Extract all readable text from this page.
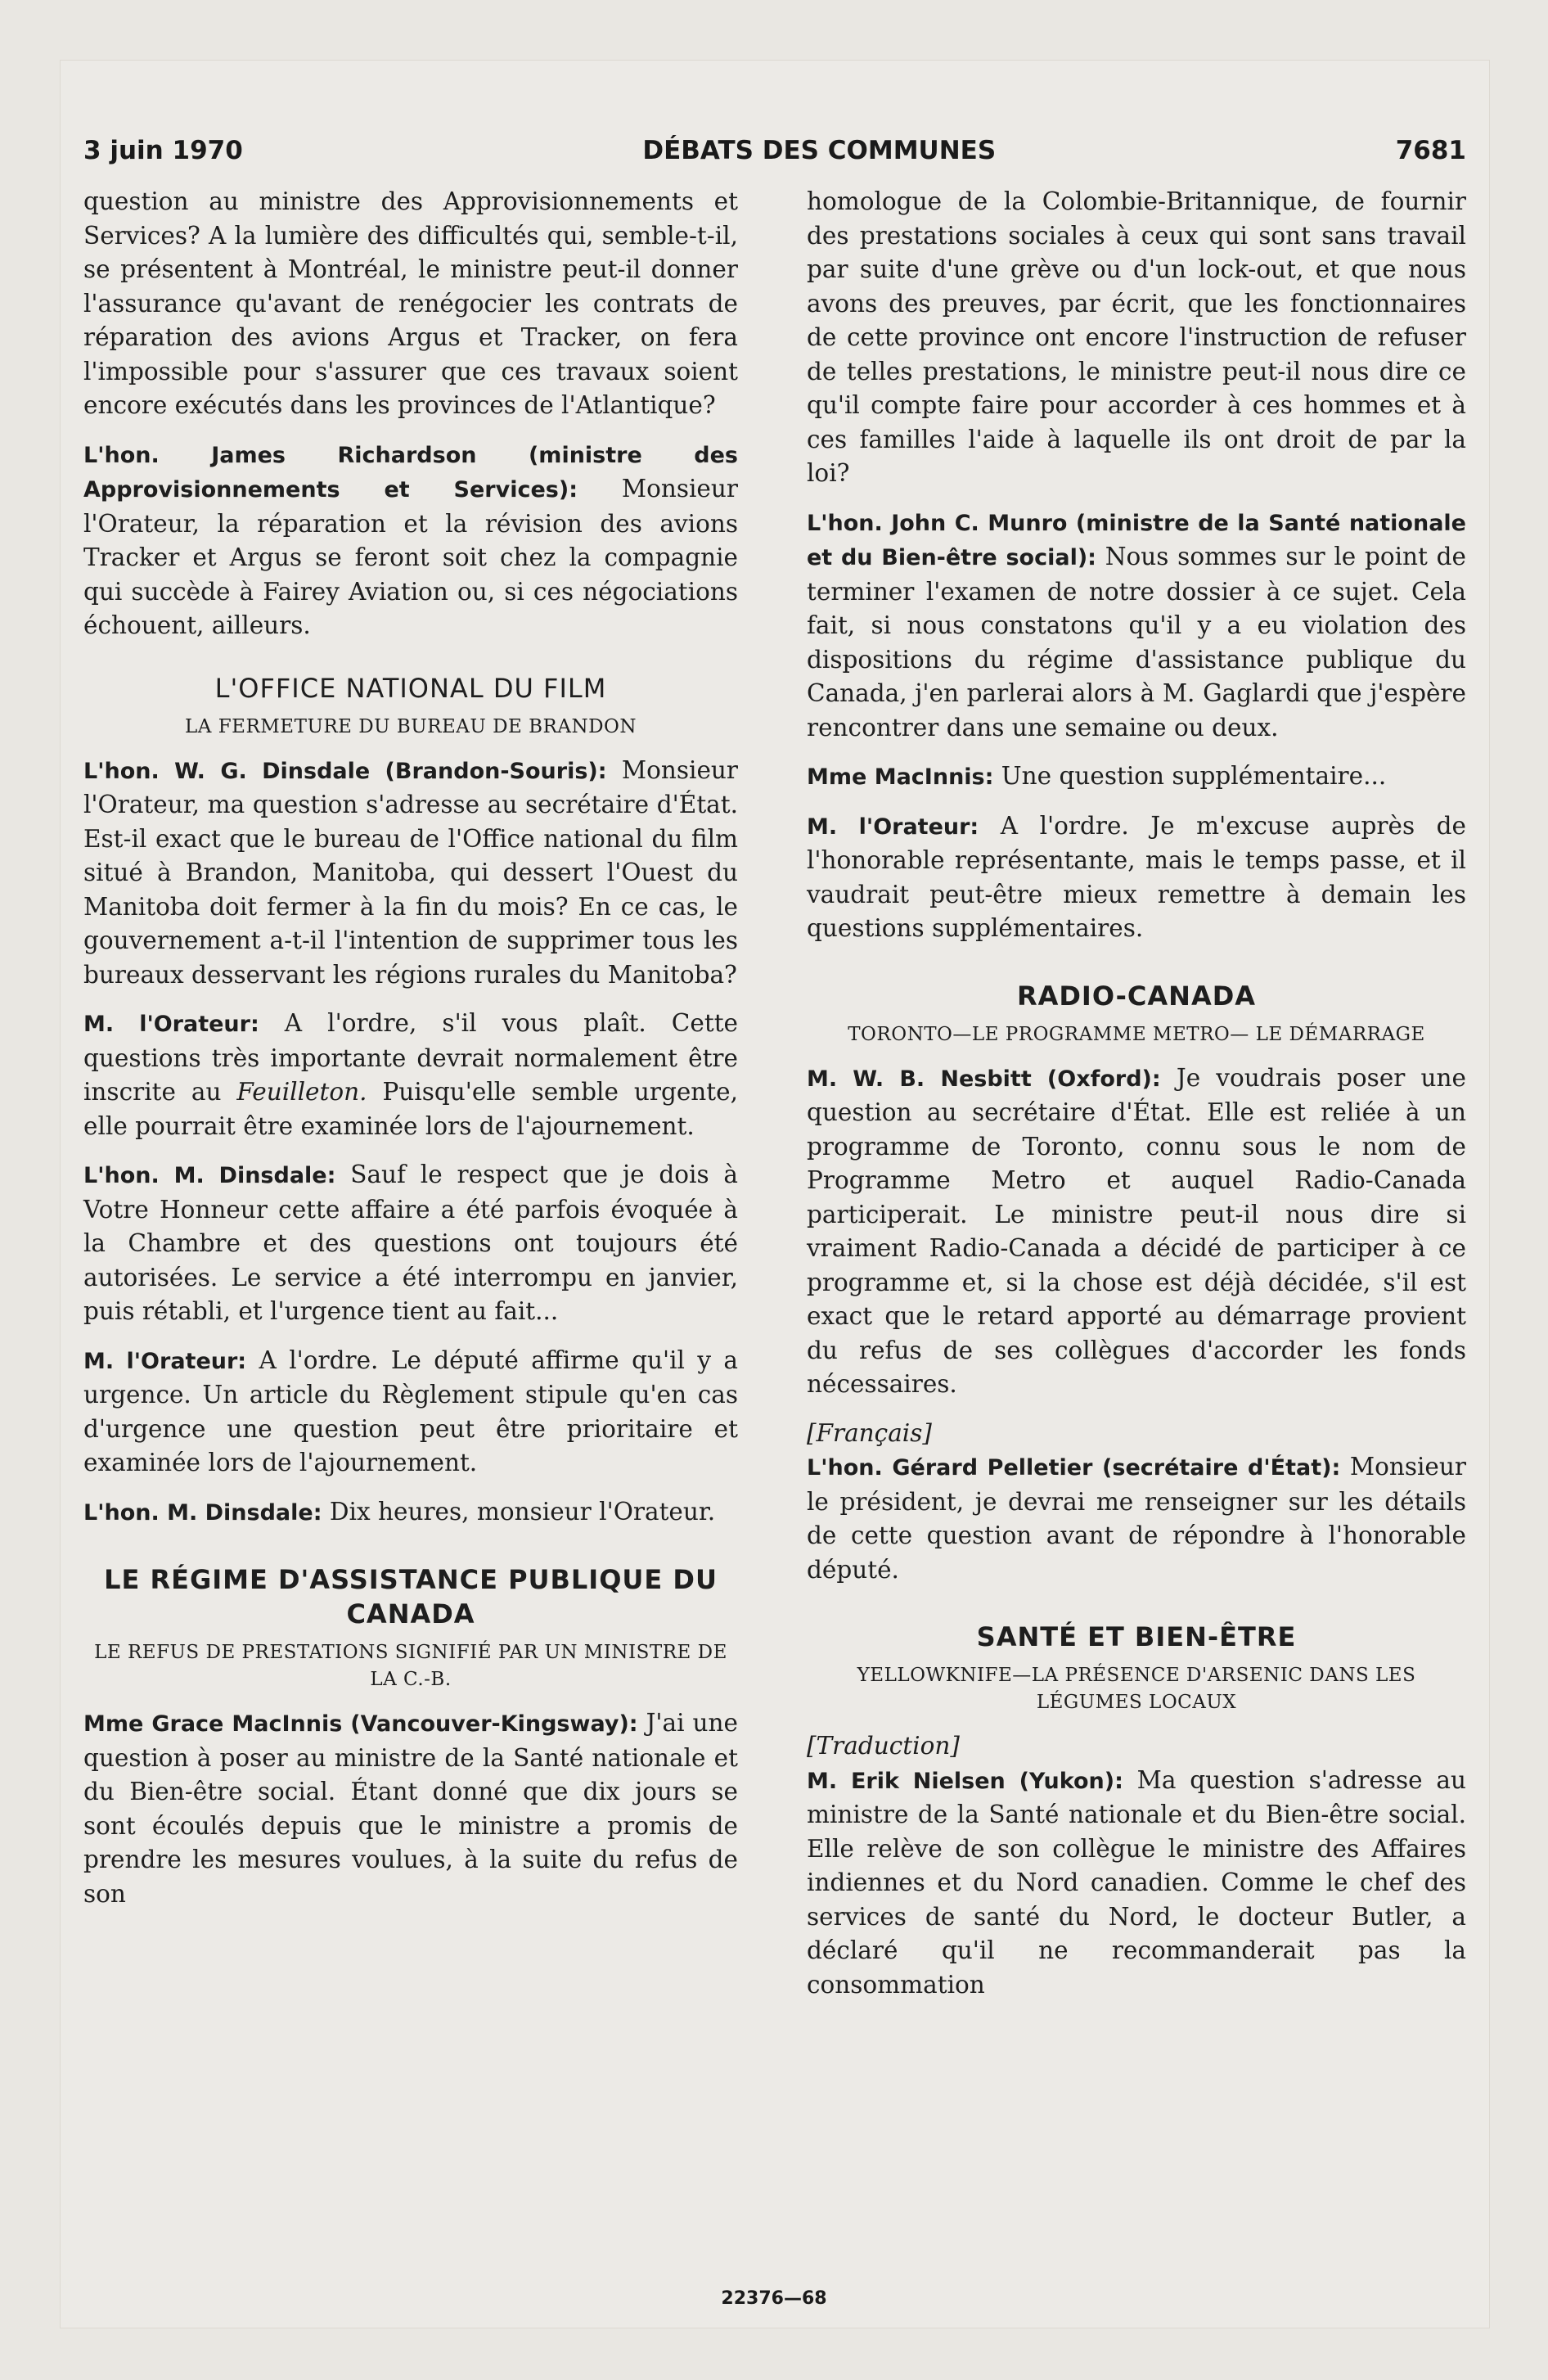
3 juin 1970	DÉBATS DES COMMUNES	7681

question au ministre des Approvisionnements et Services? A la lumière des difficultés qui, semble-t-il, se présentent à Montréal, le ministre peut-il donner l'assurance qu'avant de renégocier les contrats de réparation des avions Argus et Tracker, on fera l'impossible pour s'assurer que ces travaux soient encore exécutés dans les provinces de l'Atlantique?

L'hon. James Richardson (ministre des Approvisionnements et Services): Monsieur l'Orateur, la réparation et la révision des avions Tracker et Argus se feront soit chez la compagnie qui succède à Fairey Aviation ou, si ces négociations échouent, ailleurs.

L'OFFICE NATIONAL DU FILM
LA FERMETURE DU BUREAU DE BRANDON

L'hon. W. G. Dinsdale (Brandon-Souris): Monsieur l'Orateur, ma question s'adresse au secrétaire d'État. Est-il exact que le bureau de l'Office national du film situé à Brandon, Manitoba, qui dessert l'Ouest du Manitoba doit fermer à la fin du mois? En ce cas, le gouvernement a-t-il l'intention de supprimer tous les bureaux desservant les régions rurales du Manitoba?

M. l'Orateur: A l'ordre, s'il vous plaît. Cette questions très importante devrait normalement être inscrite au Feuilleton. Puisqu'elle semble urgente, elle pourrait être examinée lors de l'ajournement.

L'hon. M. Dinsdale: Sauf le respect que je dois à Votre Honneur cette affaire a été parfois évoquée à la Chambre et des questions ont toujours été autorisées. Le service a été interrompu en janvier, puis rétabli, et l'urgence tient au fait...

M. l'Orateur: A l'ordre. Le député affirme qu'il y a urgence. Un article du Règlement stipule qu'en cas d'urgence une question peut être prioritaire et examinée lors de l'ajournement.

L'hon. M. Dinsdale: Dix heures, monsieur l'Orateur.

LE RÉGIME D'ASSISTANCE PUBLIQUE DU CANADA
LE REFUS DE PRESTATIONS SIGNIFIÉ PAR UN MINISTRE DE LA C.-B.

Mme Grace MacInnis (Vancouver-Kingsway): J'ai une question à poser au ministre de la Santé nationale et du Bien-être social. Étant donné que dix jours se sont écoulés depuis que le ministre a promis de prendre les mesures voulues, à la suite du refus de son

homologue de la Colombie-Britannique, de fournir des prestations sociales à ceux qui sont sans travail par suite d'une grève ou d'un lock-out, et que nous avons des preuves, par écrit, que les fonctionnaires de cette province ont encore l'instruction de refuser de telles prestations, le ministre peut-il nous dire ce qu'il compte faire pour accorder à ces hommes et à ces familles l'aide à laquelle ils ont droit de par la loi?

L'hon. John C. Munro (ministre de la Santé nationale et du Bien-être social): Nous sommes sur le point de terminer l'examen de notre dossier à ce sujet. Cela fait, si nous constatons qu'il y a eu violation des dispositions du régime d'assistance publique du Canada, j'en parlerai alors à M. Gaglardi que j'espère rencontrer dans une semaine ou deux.

Mme MacInnis: Une question supplémentaire...

M. l'Orateur: A l'ordre. Je m'excuse auprès de l'honorable représentante, mais le temps passe, et il vaudrait peut-être mieux remettre à demain les questions supplémentaires.

RADIO-CANADA
TORONTO—LE PROGRAMME METRO— LE DÉMARRAGE

M. W. B. Nesbitt (Oxford): Je voudrais poser une question au secrétaire d'État. Elle est reliée à un programme de Toronto, connu sous le nom de Programme Metro et auquel Radio-Canada participerait. Le ministre peut-il nous dire si vraiment Radio-Canada a décidé de participer à ce programme et, si la chose est déjà décidée, s'il est exact que le retard apporté au démarrage provient du refus de ses collègues d'accorder les fonds nécessaires.

[Français]

L'hon. Gérard Pelletier (secrétaire d'État): Monsieur le président, je devrai me renseigner sur les détails de cette question avant de répondre à l'honorable député.

SANTÉ ET BIEN-ÊTRE
YELLOWKNIFE—LA PRÉSENCE D'ARSENIC DANS LES LÉGUMES LOCAUX

[Traduction]

M. Erik Nielsen (Yukon): Ma question s'adresse au ministre de la Santé nationale et du Bien-être social. Elle relève de son collègue le ministre des Affaires indiennes et du Nord canadien. Comme le chef des services de santé du Nord, le docteur Butler, a déclaré qu'il ne recommanderait pas la consommation

22376—68
